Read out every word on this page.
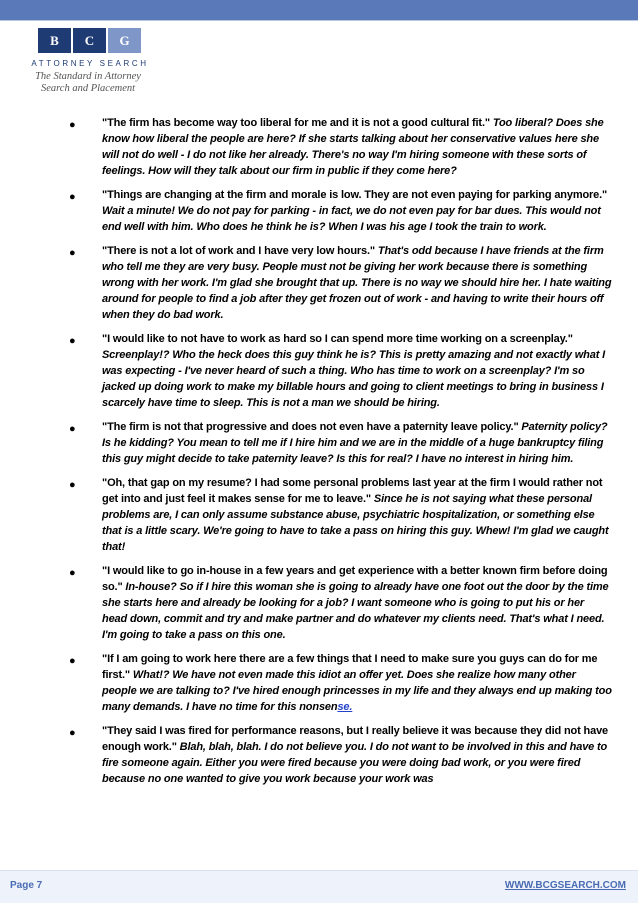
B	C	G
ATTORNEY SEARCH
The Standard in Attorney
Search and Placement
●	"The firm has become way too liberal for me and it is not a good cultural fit." Too liberal? Does she know how liberal the people are here? If she starts talking about her conservative values here she will not do well - I do not like her already. There's no way I'm hiring someone with these sorts of feelings. How will they talk about our firm in public if they come here?
●	"Things are changing at the firm and morale is low. They are not even paying for parking anymore." Wait a minute! We do not pay for parking - in fact, we do not even pay for bar dues. This would not end well with him. Who does he think he is? When I was his age I took the train to work.
●	"There is not a lot of work and I have very low hours." That's odd because I have friends at the firm who tell me they are very busy. People must not be giving her work because there is something wrong with her work. I'm glad she brought that up. There is no way we should hire her. I hate waiting around for people to find a job after they get frozen out of work - and having to write their hours off when they do bad work.
●	"I would like to not have to work as hard so I can spend more time working on a screenplay." Screenplay!? Who the heck does this guy think he is? This is pretty amazing and not exactly what I was expecting - I've never heard of such a thing. Who has time to work on a screenplay? I'm so jacked up doing work to make my billable hours and going to client meetings to bring in business I scarcely have time to sleep. This is not a man we should be hiring.
●	"The firm is not that progressive and does not even have a paternity leave policy." Paternity policy? Is he kidding? You mean to tell me if I hire him and we are in the middle of a huge bankruptcy filing this guy might decide to take paternity leave? Is this for real? I have no interest in hiring him.
●	"Oh, that gap on my resume? I had some personal problems last year at the firm I would rather not get into and just feel it makes sense for me to leave." Since he is not saying what these personal problems are, I can only assume substance abuse, psychiatric hospitalization, or something else that is a little scary. We're going to have to take a pass on hiring this guy. Whew! I'm glad we caught that!
●	"I would like to go in-house in a few years and get experience with a better known firm before doing so." In-house? So if I hire this woman she is going to already have one foot out the door by the time she starts here and already be looking for a job? I want someone who is going to put his or her head down, commit and try and make partner and do whatever my clients need. That's what I need. I'm going to take a pass on this one.
●	"If I am going to work here there are a few things that I need to make sure you guys can do for me first." What!? We have not even made this idiot an offer yet. Does she realize how many other people we are talking to? I've hired enough princesses in my life and they always end up making too many demands. I have no time for this nonsense.
●	"They said I was fired for performance reasons, but I really believe it was because they did not have enough work." Blah, blah, blah. I do not believe you. I do not want to be involved in this and have to fire someone again. Either you were fired because you were doing bad work, or you were fired because no one wanted to give you work because your work was
Page 7	WWW.BCGSEARCH.COM
